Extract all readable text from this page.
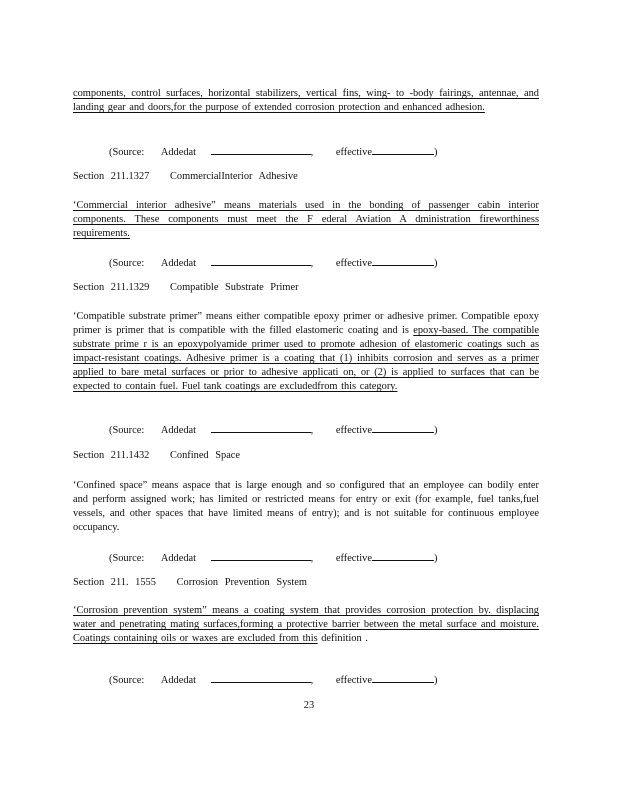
components, control surfaces, horizontal stabilizers, vertical fins, wing- to -body fairings, antennae, and landing gear and doors,for the purpose of extended corrosion protection and enhanced adhesion.
(Source: Addedat	, effective	)
Section 211.1327 CommercialInterior Adhesive
‘Commercial interior adhesive” means materials used in the bonding of passenger cabin interior components. These components must meet the F ederal Aviation A dministration fireworthiness requirements.
(Source: Addedat	, effective	)
Section 211.1329 Compatible Substrate Primer
‘Compatible substrate primer” means either compatible epoxy primer or adhesive primer. Compatible epoxy primer is primer that is compatible with the filled elastomeric coating and is epoxy-based. The compatible substrate prime r is an epoxypolyamide primer used to promote adhesion of elastomeric coatings such as impact-resistant coatings. Adhesive primer is a coating that (1) inhibits corrosion and serves as a primer applied to bare metal surfaces or prior to adhesive applicati on, or (2) is applied to surfaces that can be expected to contain fuel. Fuel tank coatings are excludedfrom this category.
(Source: Addedat	, effective	)
Section 211.1432 Confined Space
‘Confined space” means aspace that is large enough and so configured that an employee can bodily enter and perform assigned work; has limited or restricted means for entry or exit (for example, fuel tanks,fuel vessels, and other spaces that have limited means of entry); and is not suitable for continuous employee occupancy.
(Source: Addedat	, effective	)
Section 211. 1555 Corrosion Prevention System
‘Corrosion prevention system” means a coating system that provides corrosion protection by. displacing water and penetrating mating surfaces,forming a protective barrier between the metal surface and moisture. Coatings containing oils or waxes are excluded from this definition .
(Source: Addedat	, effective	)
23
